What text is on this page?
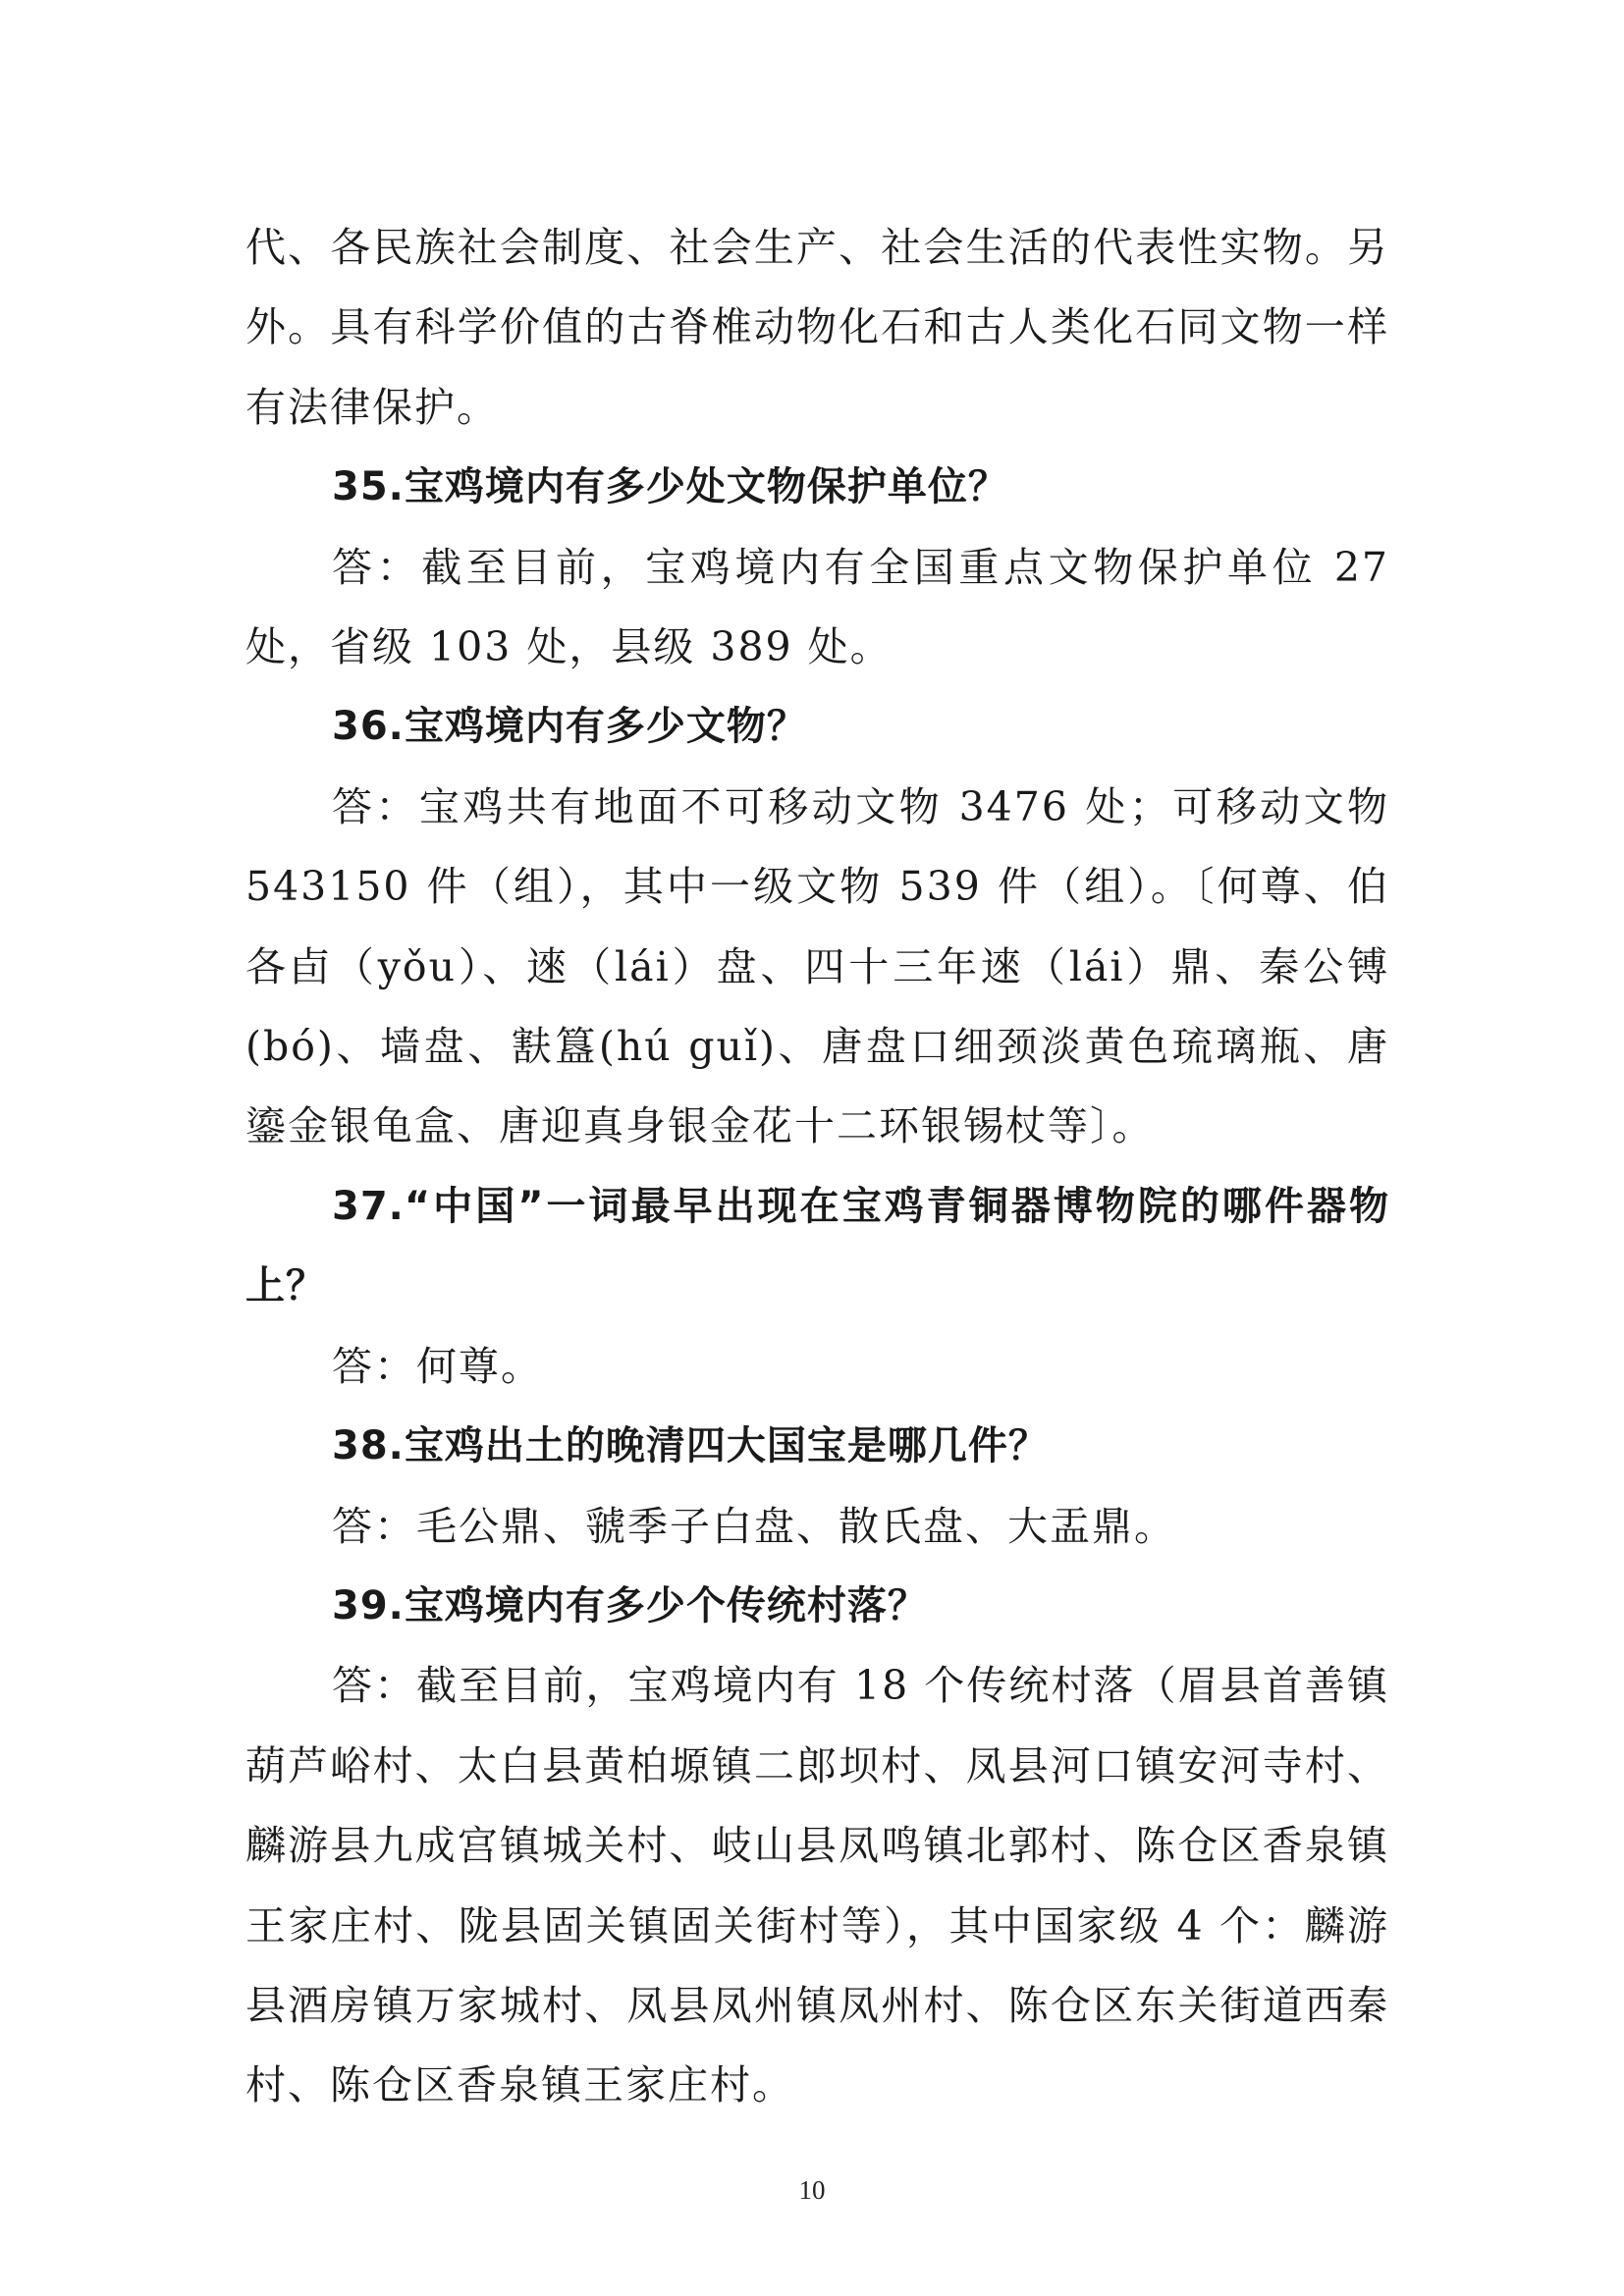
代、各民族社会制度、社会生产、社会生活的代表性实物。另外。具有科学价值的古脊椎动物化石和古人类化石同文物一样有法律保护。

35.宝鸡境内有多少处文物保护单位？

答：截至目前，宝鸡境内有全国重点文物保护单位 27 处，省级 103 处，县级 389 处。

36.宝鸡境内有多少文物？

答：宝鸡共有地面不可移动文物 3476 处；可移动文物 543150 件（组），其中一级文物 539 件（组）。〔何尊、伯各卣（yǒu）、逨（lái）盘、四十三年逨（lái）鼎、秦公镈(bó)、墙盘、㝬簋(hú guǐ)、唐盘口细颈淡黄色琉璃瓶、唐鎏金银龟盒、唐迎真身银金花十二环银锡杖等〕。

37.“中国”一词最早出现在宝鸡青铜器博物院的哪件器物上？

答：何尊。

38.宝鸡出土的晚清四大国宝是哪几件？

答：毛公鼎、虢季子白盘、散氏盘、大盂鼎。

39.宝鸡境内有多少个传统村落？

答：截至目前，宝鸡境内有 18 个传统村落（眉县首善镇葫芦峪村、太白县黄柏塬镇二郎坝村、凤县河口镇安河寺村、麟游县九成宫镇城关村、岐山县凤鸣镇北郭村、陈仓区香泉镇王家庄村、陇县固关镇固关街村等），其中国家级 4 个：麟游县酒房镇万家城村、凤县凤州镇凤州村、陈仓区东关街道西秦村、陈仓区香泉镇王家庄村。

10
